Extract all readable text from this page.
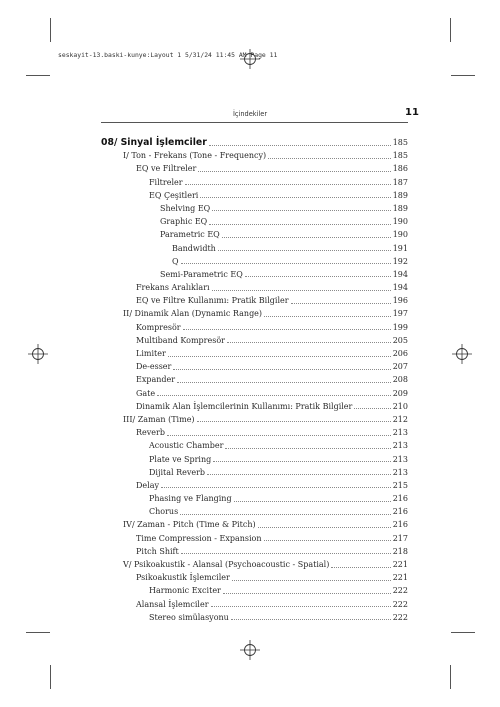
seskayit-13.baski-kunye:Layout 1 5/31/24 11:45 AM Page 11
İçindekiler	11
08/ Sinyal İşlemciler	185
I/ Ton - Frekans (Tone - Frequency)	185
EQ ve Filtreler	186
Filtreler	187
EQ Çeşitleri	189
Shelving EQ	189
Graphic EQ	190
Parametric EQ	190
Bandwidth	191
Q	192
Semi-Parametric EQ	194
Frekans Aralıkları	194
EQ ve Filtre Kullanımı: Pratik Bilgiler	196
II/ Dinamik Alan (Dynamic Range)	197
Kompresör	199
Multiband Kompresör	205
Limiter	206
De-esser	207
Expander	208
Gate	209
Dinamik Alan İşlemcilerinin Kullanımı: Pratik Bilgiler	210
III/ Zaman (Time)	212
Reverb	213
Acoustic Chamber	213
Plate ve Spring	213
Dijital Reverb	213
Delay	215
Phasing ve Flanging	216
Chorus	216
IV/ Zaman - Pitch (Time & Pitch)	216
Time Compression - Expansion	217
Pitch Shift	218
V/ Psikoakustik - Alansal (Psychoacoustic - Spatial)	221
Psikoakustik İşlemciler	221
Harmonic Exciter	222
Alansal İşlemciler	222
Stereo simülasyonu	222
